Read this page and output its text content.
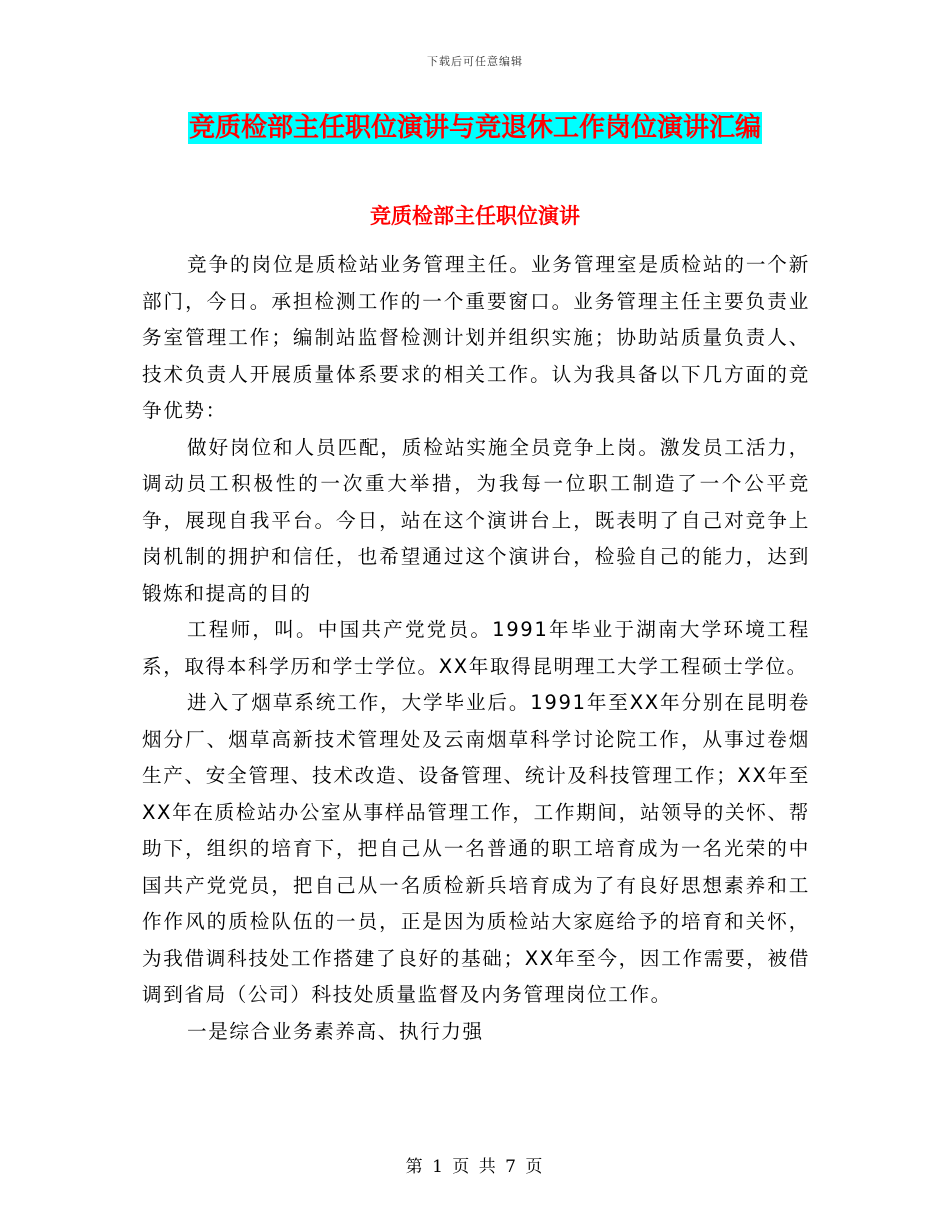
下载后可任意编辑
竞质检部主任职位演讲与竞退休工作岗位演讲汇编
竞质检部主任职位演讲

竞争的岗位是质检站业务管理主任。业务管理室是质检站的一个新部门，今日。承担检测工作的一个重要窗口。业务管理主任主要负责业务室管理工作；编制站监督检测计划并组织实施；协助站质量负责人、技术负责人开展质量体系要求的相关工作。认为我具备以下几方面的竞争优势：

做好岗位和人员匹配，质检站实施全员竞争上岗。激发员工活力，调动员工积极性的一次重大举措，为我每一位职工制造了一个公平竞争，展现自我平台。今日，站在这个演讲台上，既表明了自己对竞争上岗机制的拥护和信任，也希望通过这个演讲台，检验自己的能力，达到锻炼和提高的目的

工程师，叫。中国共产党党员。1991年毕业于湖南大学环境工程系，取得本科学历和学士学位。XX年取得昆明理工大学工程硕士学位。

进入了烟草系统工作，大学毕业后。1991年至XX年分别在昆明卷烟分厂、烟草高新技术管理处及云南烟草科学讨论院工作，从事过卷烟生产、安全管理、技术改造、设备管理、统计及科技管理工作；XX年至XX年在质检站办公室从事样品管理工作，工作期间，站领导的关怀、帮助下，组织的培育下，把自己从一名普通的职工培育成为一名光荣的中国共产党党员，把自己从一名质检新兵培育成为了有良好思想素养和工作作风的质检队伍的一员，正是因为质检站大家庭给予的培育和关怀，为我借调科技处工作搭建了良好的基础；XX年至今，因工作需要，被借调到省局（公司）科技处质量监督及内务管理岗位工作。

一是综合业务素养高、执行力强

第 1 页 共 7 页
